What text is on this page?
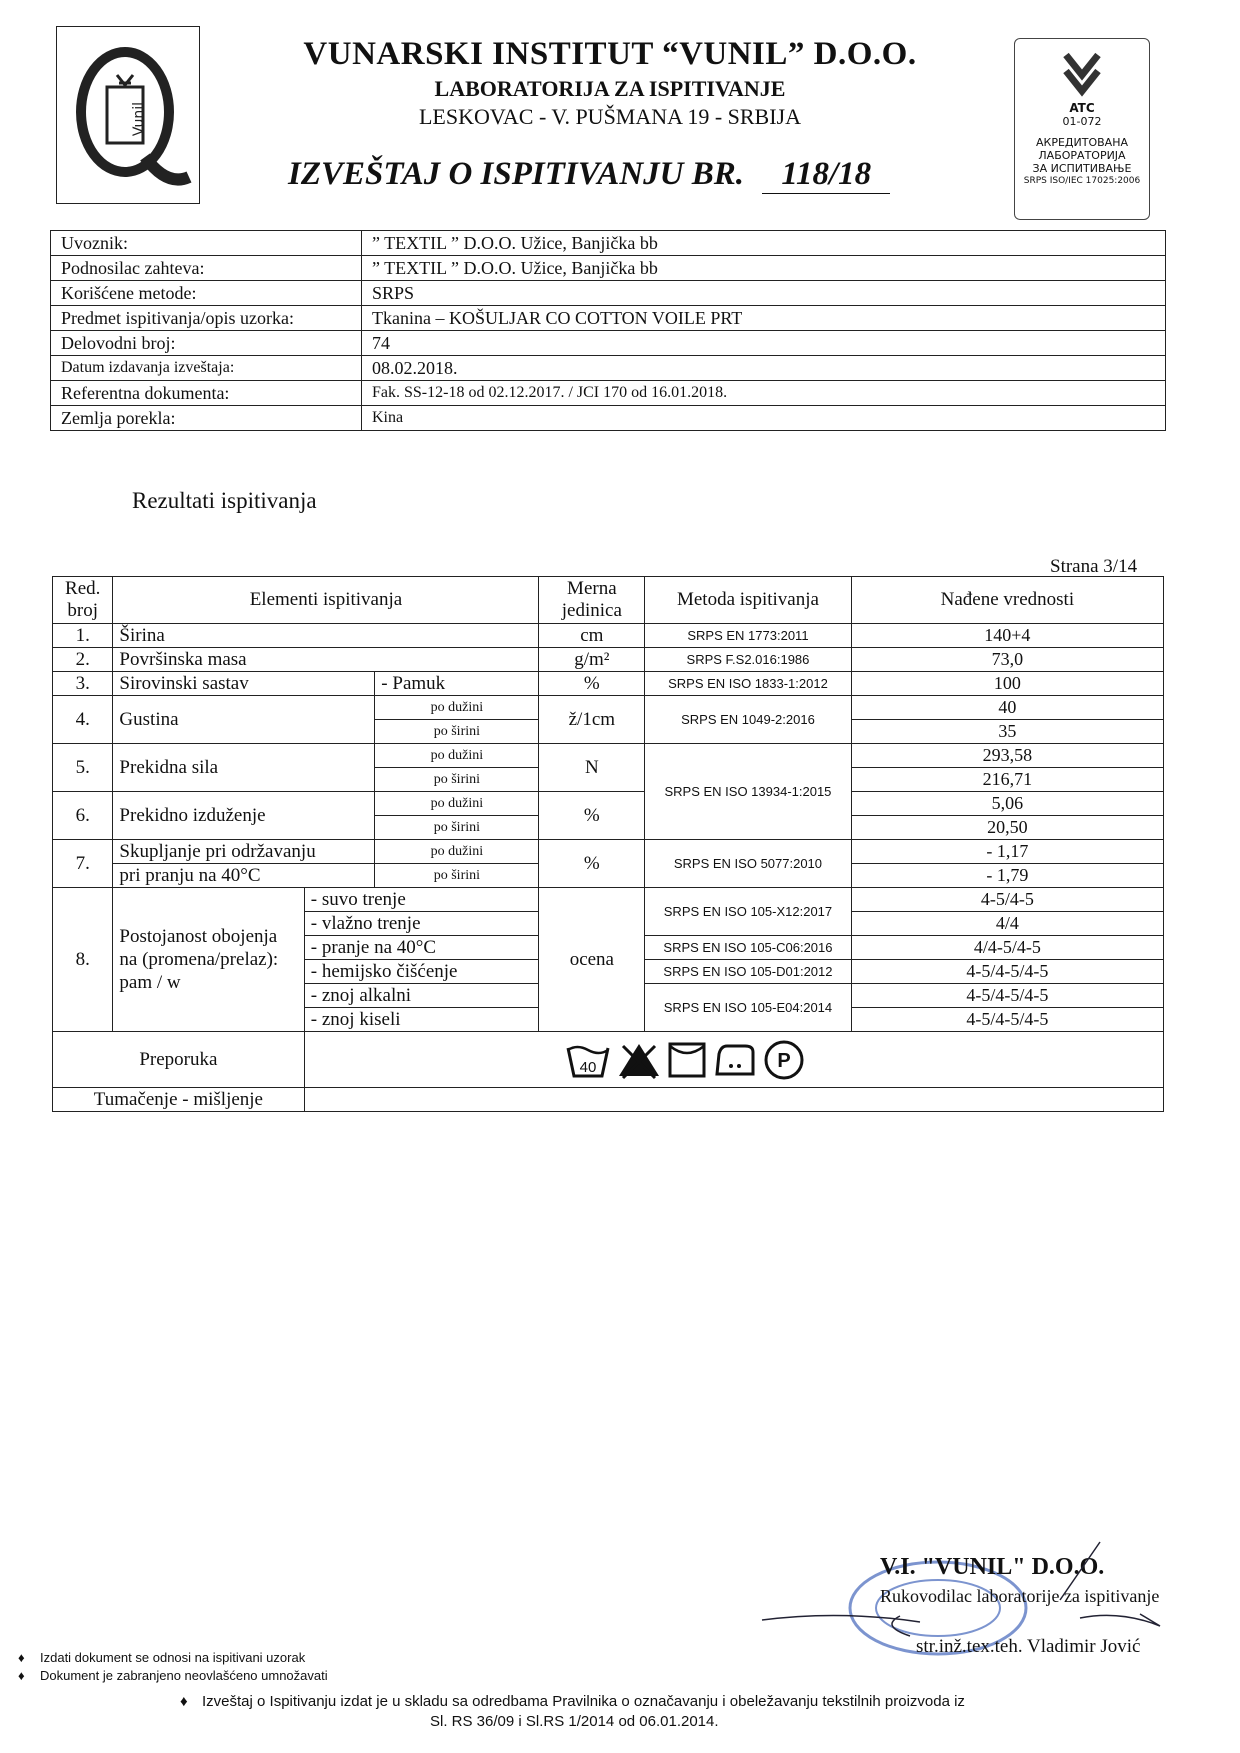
Vunil
VUNARSKI INSTITUT “VUNIL” D.O.O.
LABORATORIJA ZA ISPITIVANJE
LESKOVAC - V. PUŠMANA 19 - SRBIJA
IZVEŠTAJ O ISPITIVANJU BR. 118/18
ATC
01-072
АКРЕДИТОВАНА
ЛАБОРАТОРИЈА
ЗА ИСПИТИВАЊЕ
SRPS ISO/IEC 17025:2006
Uvoznik:	” TEXTIL ” D.O.O. Užice, Banjička bb
Podnosilac zahteva:	” TEXTIL ” D.O.O. Užice, Banjička bb
Korišćene metode:	SRPS
Predmet ispitivanja/opis uzorka:	Tkanina – KOŠULJAR CO COTTON VOILE PRT
Delovodni broj:	74
Datum izdavanja izveštaja:	08.02.2018.
Referentna dokumenta:	Fak. SS-12-18 od 02.12.2017. / JCI 170 od 16.01.2018.
Zemlja porekla:	Kina
Rezultati ispitivanja
Strana 3/14
Red. broj	Elementi ispitivanja			Merna jedinica	Metoda ispitivanja	Nađene vrednosti
1.	Širina			cm	SRPS EN 1773:2011	140+4
2.	Površinska masa			g/m²	SRPS F.S2.016:1986	73,0
3.	Sirovinski sastav		- Pamuk	%	SRPS EN ISO 1833-1:2012	100
4.	Gustina		po dužini	ž/1cm	SRPS EN 1049-2:2016	40
			po širini			35
5.	Prekidna sila		po dužini	N	SRPS EN ISO 13934-1:2015	293,58
			po širini			216,71
6.	Prekidno izduženje		po dužini	%		5,06
			po širini			20,50
7.	Skupljanje pri održavanju		po dužini	%	SRPS EN ISO 5077:2010	- 1,17
	pri pranju na 40°C		po širini			- 1,79
8.	Postojanost obojenja na (promena/prelaz): pam / w	- suvo trenje		ocena	SRPS EN ISO 105-X12:2017	4-5/4-5
		- vlažno trenje				4/4
		- pranje na 40°C			SRPS EN ISO 105-C06:2016	4/4-5/4-5
		- hemijsko čišćenje			SRPS EN ISO 105-D01:2012	4-5/4-5/4-5
		- znoj alkalni			SRPS EN ISO 105-E04:2014	4-5/4-5/4-5
		- znoj kiseli				4-5/4-5/4-5
Preporuka		40 P				

Tumačenje - mišljenje						
V.I. "VUNIL" D.O.O.
Rukovodilac laboratorije za ispitivanje
str.inž.tex.teh. Vladimir Jović
♦ Izdati dokument se odnosi na ispitivani uzorak
♦ Dokument je zabranjeno neovlašćeno umnožavati
♦ Izveštaj o Ispitivanju izdat je u skladu sa odredbama Pravilnika o označavanju i obeležavanju tekstilnih proizvoda iz
Sl. RS 36/09 i Sl.RS 1/2014 od 06.01.2014.
